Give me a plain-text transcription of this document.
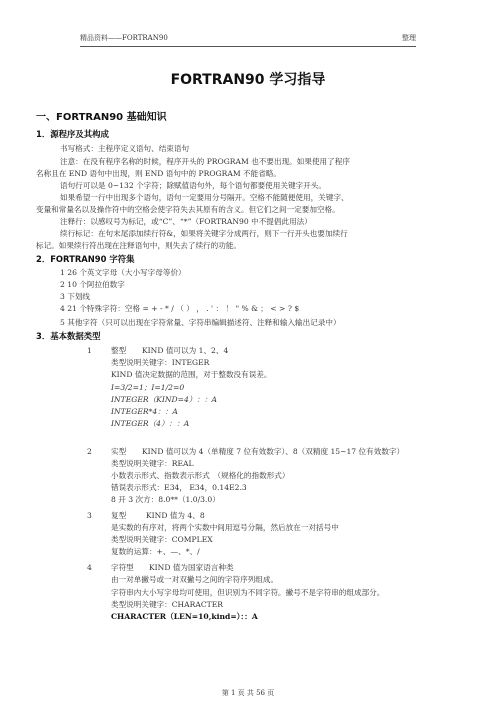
精品资料——FORTRAN90	整理
FORTRAN90 学习指导
一、FORTRAN90 基础知识
1．源程序及其构成
书写格式：主程序定义语句、结束语句
注意：在没有程序名称的时候，程序开头的 PROGRAM 也不要出现。如果使用了程序
名称且在 END 语句中出现，则 END 语句中的 PROGRAM 不能省略。
语句行可以是 0~132 个字符；除赋值语句外，每个语句都要使用关键字开头。
如果希望一行中出现多个语句，语句一定要用分号隔开。空格不能随便使用，关键字、
变量和常量名以及操作符中的空格会使字符失去其原有的含义。但它们之间一定要加空格。
注释行：以感叹号为标记，或“C”、“*”（FORTRAN90 中不提倡此用法）
续行标记：在句末尾添加续行符&，如果将关键字分成两行，则下一行开头也要加续行
标记。如果续行符出现在注释语句中，则失去了续行的功能。
2．FORTRAN90 字符集
1 26 个英文字母（大小写字母等价）
2 10 个阿拉伯数字
3 下划线
4 21 个特殊字符：空格 = + - * / （ ） ， . ' ： ！ " % & ； < > ? $
5 其他字符（只可以出现在字符常量、字符串编辑描述符、注释和输入输出记录中）
3．基本数据类型
1	整型 KIND 值可以为 1、2、4
类型说明关键字：INTEGER
KIND 值决定数据的范围，对于整数没有误差。
I=3/2=1；I=1/2=0
INTEGER（KIND=4）：：A
INTEGER*4：：A
INTEGER（4）：：A
2	实型 KIND 值可以为 4（单精度 7 位有效数字）、8（双精度 15~17 位有效数字）
类型说明关键字：REAL
小数表示形式、指数表示形式　（规格化的指数形式）
错误表示形式：E34， E34，0.14E2.3
8 开 3 次方：8.0**（1.0/3.0）
3	复型	KIND 值为 4、8
是实数的有序对，将两个实数中间用逗号分隔，然后放在一对括号中
类型说明关键字：COMPLEX
复数的运算：+、—、*、/
4	字符型 KIND 值为国家语言种类
由一对单撇号或一对双撇号之间的字符序列组成。
字符串内大小写字母均可使用，但识别为不同字符。撇号不是字符串的组成部分。
类型说明关键字：CHARACTER
CHARACTER（LEN=10,kind=）：：A
第 1 页 共 56 页
